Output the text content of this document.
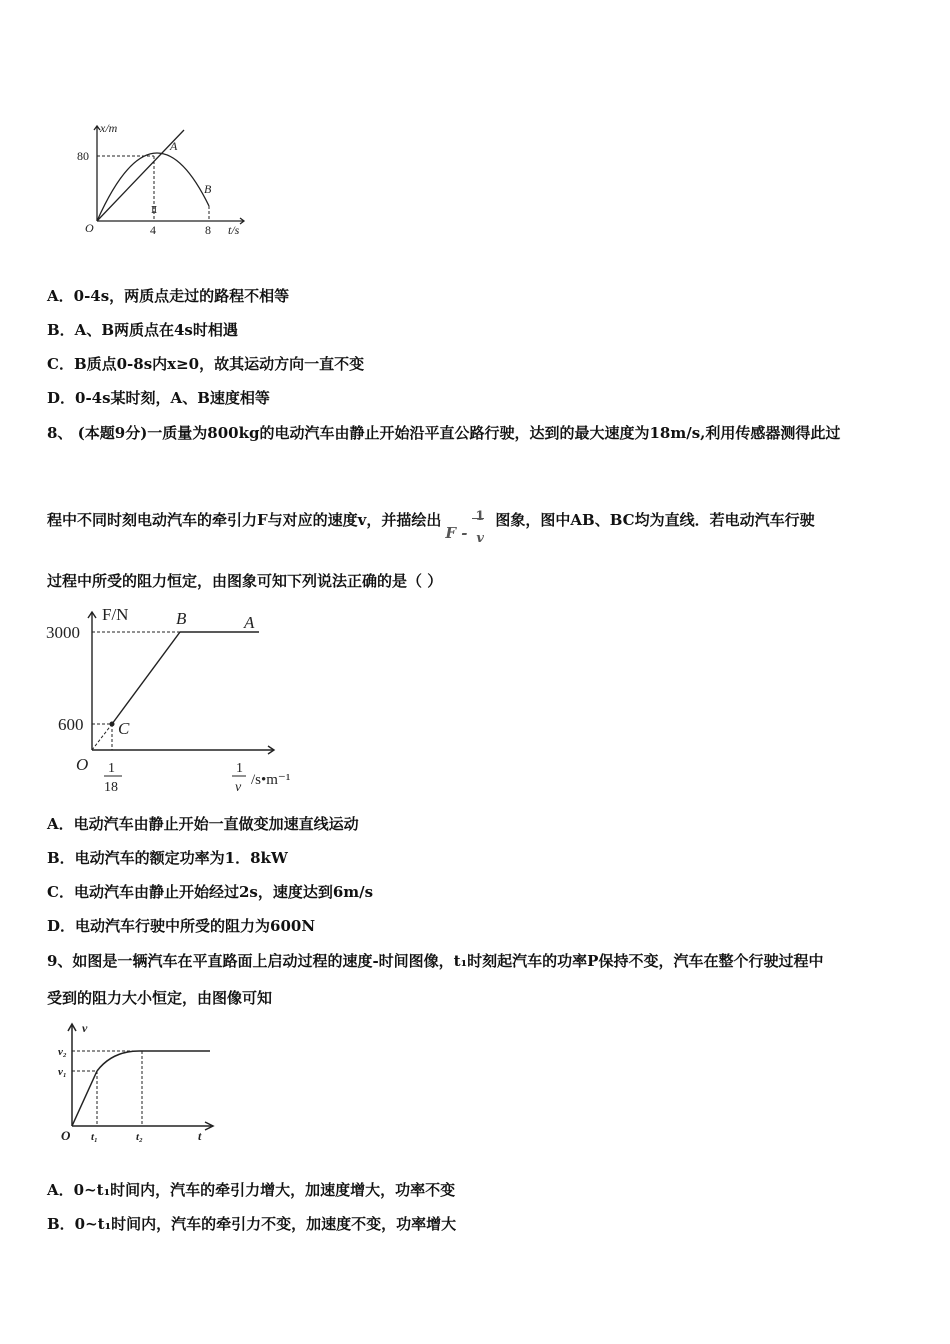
x/m
80
O	4	8 t/s
A
B
Ⅱ
A．0-4s，两质点走过的路程不相等
B．A、B两质点在4s时相遇
C．B质点0-8s内x≥0，故其运动方向一直不变
D．0-4s某时刻，A、B速度相等
8、 (本题9分)一质量为800kg的电动汽车由静止开始沿平直公路行驶，达到的最大速度为18m/s,利用传感器测得此过
程中不同时刻电动汽车的牵引力F与对应的速度v，并描绘出
F -
1
v
图象，图中AB、BC均为直线．若电动汽车行驶
过程中所受的阻力恒定，由图象可知下列说法正确的是（ ）
F/N
3000
600
O
B	A
C
1
18
1
v /s•m⁻¹
A．电动汽车由静止开始一直做变加速直线运动
B．电动汽车的额定功率为1．8kW
C．电动汽车由静止开始经过2s，速度达到6m/s
D．电动汽车行驶中所受的阻力为600N
9、如图是一辆汽车在平直路面上启动过程的速度-时间图像，t₁时刻起汽车的功率P保持不变，汽车在整个行驶过程中
受到的阻力大小恒定，由图像可知
v
v₂
v₁
O t₁	t₂	t
A．0~t₁时间内，汽车的牵引力增大，加速度增大，功率不变
B．0~t₁时间内，汽车的牵引力不变，加速度不变，功率增大
